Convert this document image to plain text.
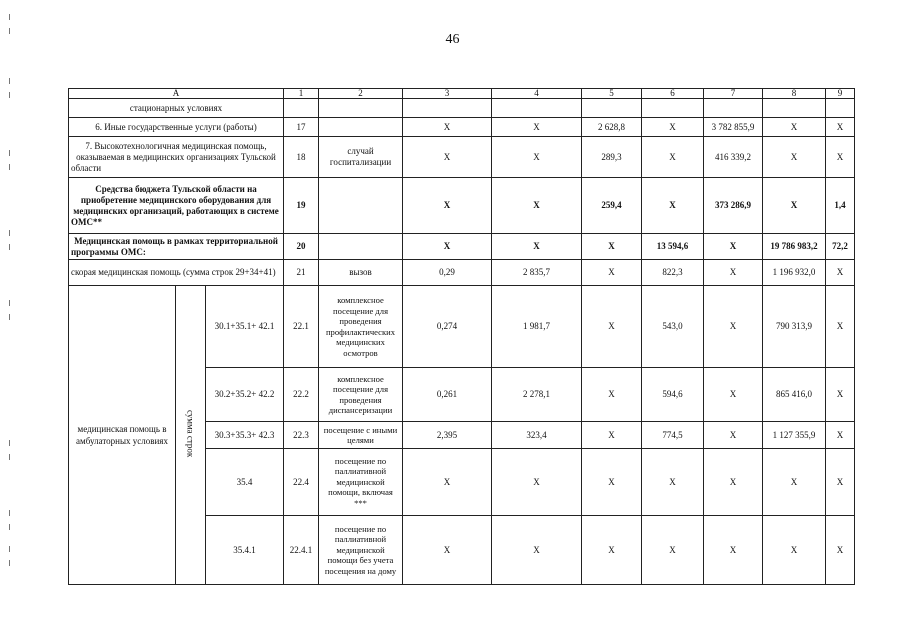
46
А			1	2	3	4	5	6	7	8	9
стационарных условиях											
6. Иные государственные услуги (работы)			17		Х	Х	2 628,8	Х	3 782 855,9	Х	Х
7. Высокотехнологичная медицинская помощь, оказываемая в медицинских организациях Тульской области			18	случай госпитализации	Х	Х	289,3	Х	416 339,2	Х	Х
Средства бюджета Тульской области на приобретение медицинского оборудования для медицинских организаций, работающих в системе ОМС**			19		Х	Х	259,4	Х	373 286,9	Х	1,4
Медицинская помощь в рамках территориальной программы ОМС:			20		Х	Х	Х	13 594,6	Х	19 786 983,2	72,2
скорая медицинская помощь (сумма строк 29+34+41)			21	вызов	0,29	2 835,7	Х	822,3	Х	1 196 932,0	Х
медицинская помощь в амбулаторных условиях	сумма строк	30.1+35.1+ 42.1	22.1	комплексное посещение для проведения профилактических медицинских осмотров	0,274	1 981,7	Х	543,0	Х	790 313,9	Х
		30.2+35.2+ 42.2	22.2	комплексное посещение для проведения диспансеризации	0,261	2 278,1	Х	594,6	Х	865 416,0	Х
		30.3+35.3+ 42.3	22.3	посещение с иными целями	2,395	323,4	Х	774,5	Х	1 127 355,9	Х
		35.4	22.4	посещение по паллиативной медицинской помощи, включая ***	Х	Х	Х	Х	Х	Х	Х
		35.4.1	22.4.1	посещение по паллиативной медицинской помощи без учета посещения на дому	Х	Х	Х	Х	Х	Х	Х
